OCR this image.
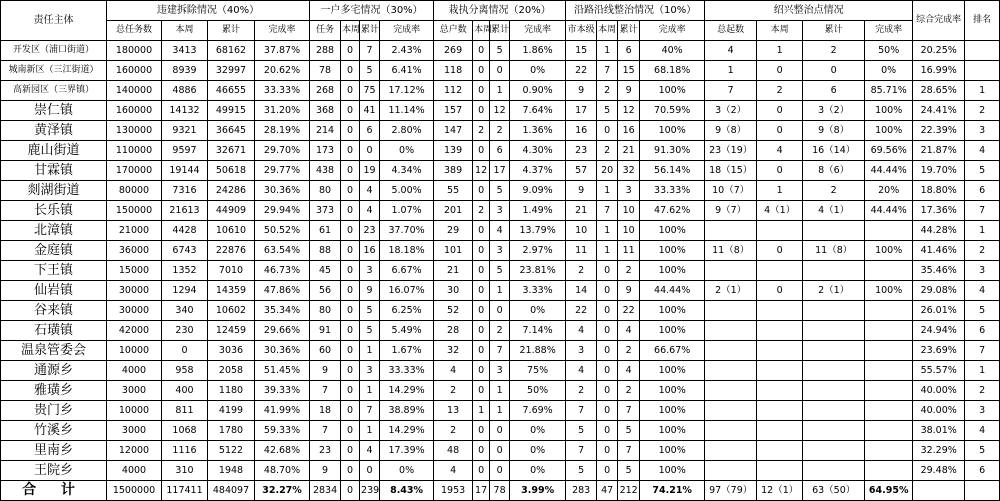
责任主体	违建拆除情况（40%）				一户多宅情况（30%）				栽执分离情况（20%）				沿路沿线整治情况（10%）				绍兴整治点情况				综合完成率	排名
	总任务数	本周	累计	完成率	任务	本周	累计	完成率	总户数	本周	累计	完成率	市本级	本周	累计	完成率	总起数	本周	累计	完成率		
开发区（浦口街道）	180000	3413	68162	37.87%	288	0	7	2.43%	269	0	5	1.86%	15	1	6	40%	4	1	2	50%	20.25%	
城南新区（三江街道）	160000	8939	32997	20.62%	78	0	5	6.41%	118	0	0	0%	22	7	15	68.18%	1	0	0	0%	16.99%	
高新园区（三界镇）	140000	4886	46655	33.33%	268	0	75	17.12%	112	0	1	0.90%	9	2	9	100%	7	2	6	85.71%	28.65%	1
崇仁镇	160000	14132	49915	31.20%	368	0	41	11.14%	157	0	12	7.64%	17	5	12	70.59%	3（2）	0	3（2）	100%	24.41%	2
黄泽镇	130000	9321	36645	28.19%	214	0	6	2.80%	147	2	2	1.36%	16	0	16	100%	9（8）	0	9（8）	100%	22.39%	3
鹿山街道	110000	9597	32671	29.70%	173	0	0	0%	139	0	6	4.30%	23	2	21	91.30%	23（19）	4	16（14）	69.56%	21.87%	4
甘霖镇	170000	19144	50618	29.77%	438	0	19	4.34%	389	12	17	4.37%	57	20	32	56.14%	18（15）	0	8（6）	44.44%	19.70%	5
剡湖街道	80000	7316	24286	30.36%	80	0	4	5.00%	55	0	5	9.09%	9	1	3	33.33%	10（7）	1	2	20%	18.80%	6
长乐镇	150000	21613	44909	29.94%	373	0	4	1.07%	201	2	3	1.49%	21	7	10	47.62%	9（7）	4（1）	4（1）	44.44%	17.36%	7
北漳镇	21000	4428	10610	50.52%	61	0	23	37.70%	29	0	4	13.79%	10	1	10	100%					44.28%	1
金庭镇	36000	6743	22876	63.54%	88	0	16	18.18%	101	0	3	2.97%	11	1	11	100%	11（8）	0	11（8）	100%	41.46%	2
下王镇	15000	1352	7010	46.73%	45	0	3	6.67%	21	0	5	23.81%	2	0	2	100%					35.46%	3
仙岩镇	30000	1294	14359	47.86%	56	0	9	16.07%	30	0	1	3.33%	14	0	9	44.44%	2（1）	0	2（1）	100%	29.08%	4
谷来镇	30000	340	10602	35.34%	80	0	5	6.25%	52	0	0	0%	22	0	22	100%					26.01%	5
石璜镇	42000	230	12459	29.66%	91	0	5	5.49%	28	0	2	7.14%	4	0	4	100%					24.94%	6
温泉管委会	10000	0	3036	30.36%	60	0	1	1.67%	32	0	7	21.88%	3	0	2	66.67%					23.69%	7
通源乡	4000	958	2058	51.45%	9	0	3	33.33%	4	0	3	75%	4	0	4	100%					55.57%	1
雅璜乡	3000	400	1180	39.33%	7	0	1	14.29%	2	0	1	50%	2	0	2	100%					40.00%	2
贵门乡	10000	811	4199	41.99%	18	0	7	38.89%	13	1	1	7.69%	7	0	7	100%					40.00%	3
竹溪乡	3000	1068	1780	59.33%	7	0	1	14.29%	2	0	0	0%	5	0	5	100%					38.01%	4
里南乡	12000	1116	5122	42.68%	23	0	4	17.39%	48	0	0	0%	7	0	7	100%					32.29%	5
王院乡	4000	310	1948	48.70%	9	0	0	0%	4	0	0	0%	5	0	5	100%					29.48%	6
合 计	1500000	117411	484097	32.27%	2834	0	239	8.43%	1953	17	78	3.99%	283	47	212	74.21%	97（79）	12（1）	63（50）	64.95%		
